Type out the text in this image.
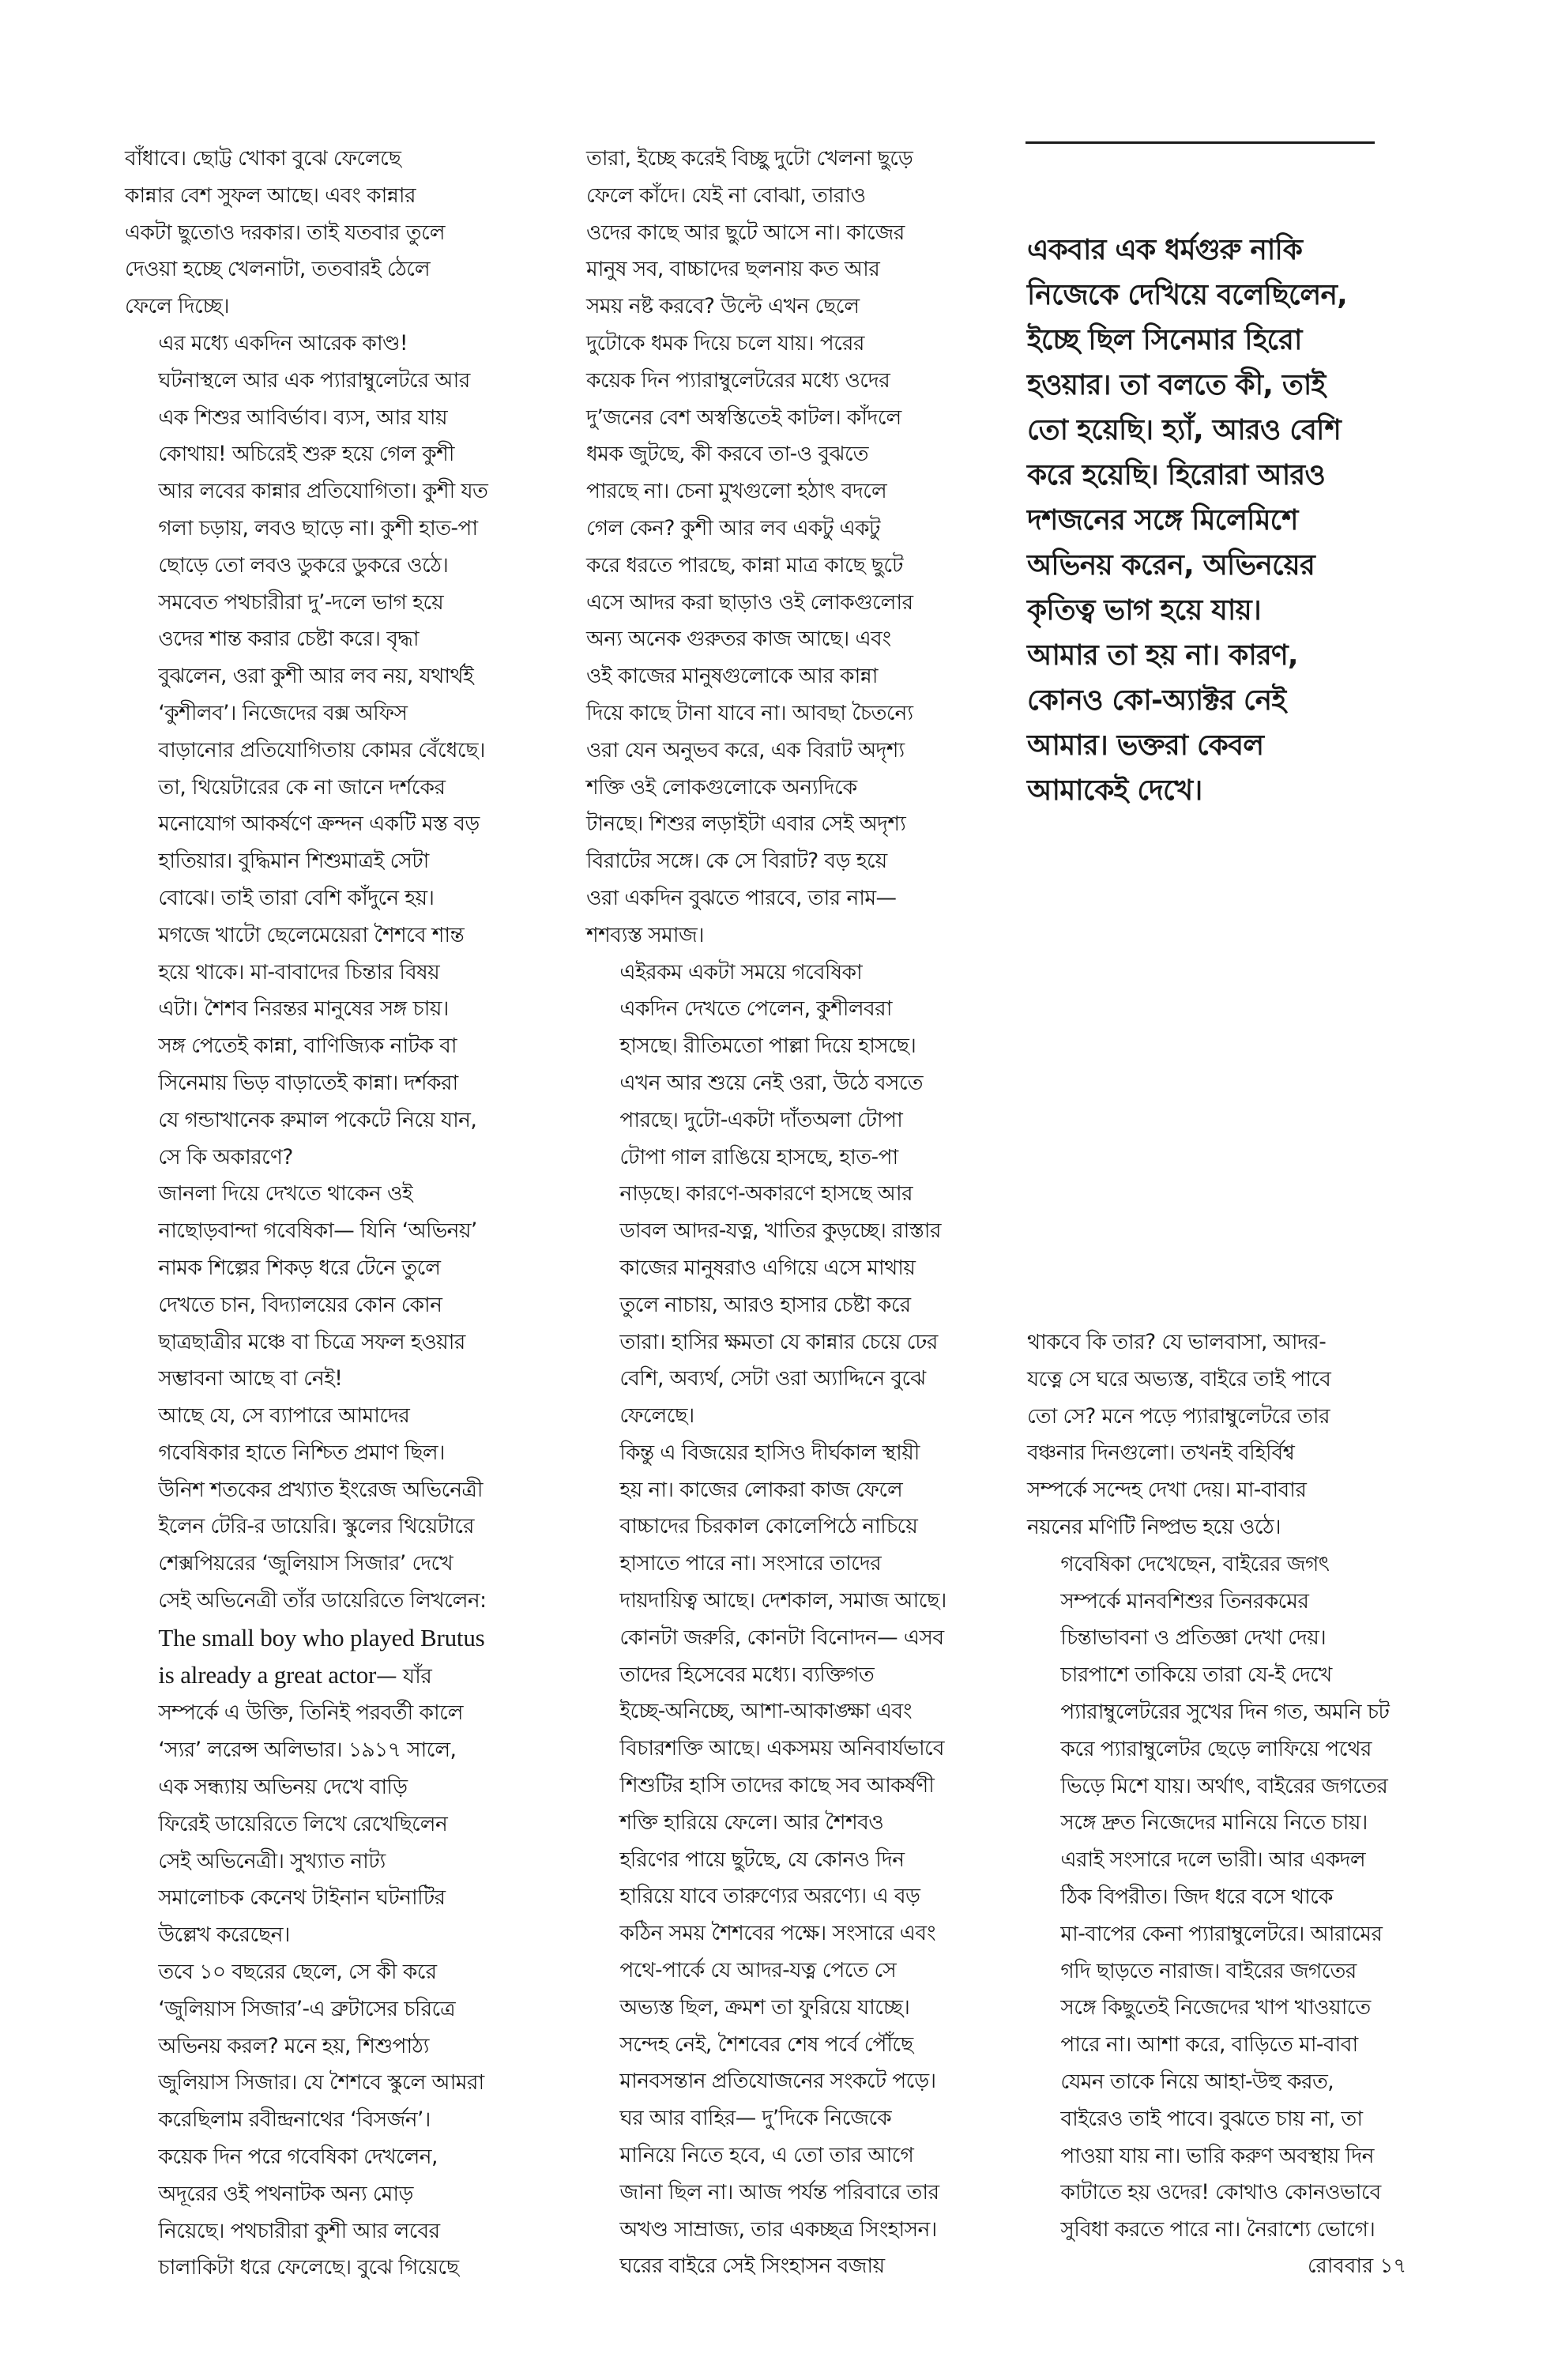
বাঁধাবে। ছোট্ট খোকা বুঝে ফেলেছে
কান্নার বেশ সুফল আছে। এবং কান্নার
একটা ছুতোও দরকার। তাই যতবার তুলে
দেওয়া হচ্ছে খেলনাটা, ততবারই ঠেলে
ফেলে দিচ্ছে।

এর মধ্যে একদিন আরেক কাণ্ড!
ঘটনাস্থলে আর এক প্যারাম্বুলেটরে আর
এক শিশুর আবির্ভাব। ব্যস, আর যায়
কোথায়! অচিরেই শুরু হয়ে গেল কুশী
আর লবের কান্নার প্রতিযোগিতা। কুশী যত
গলা চড়ায়, লবও ছাড়ে না। কুশী হাত-পা
ছোড়ে তো লবও ডুকরে ডুকরে ওঠে।
সমবেত পথচারীরা দু’-দলে ভাগ হয়ে
ওদের শান্ত করার চেষ্টা করে। বৃদ্ধা
বুঝলেন, ওরা কুশী আর লব নয়, যথার্থই
‘কুশীলব’। নিজেদের বক্স অফিস
বাড়ানোর প্রতিযোগিতায় কোমর বেঁধেছে।
তা, থিয়েটারের কে না জানে দর্শকের
মনোযোগ আকর্ষণে ক্রন্দন একটি মস্ত বড়
হাতিয়ার। বুদ্ধিমান শিশুমাত্রই সেটা
বোঝে। তাই তারা বেশি কাঁদুনে হয়।
মগজে খাটো ছেলেমেয়েরা শৈশবে শান্ত
হয়ে থাকে। মা-বাবাদের চিন্তার বিষয়
এটা। শৈশব নিরন্তর মানুষের সঙ্গ চায়।
সঙ্গ পেতেই কান্না, বাণিজ্যিক নাটক বা
সিনেমায় ভিড় বাড়াতেই কান্না। দর্শকরা
যে গন্ডাখানেক রুমাল পকেটে নিয়ে যান,
সে কি অকারণে?

জানলা দিয়ে দেখতে থাকেন ওই
নাছোড়বান্দা গবেষিকা— যিনি ‘অভিনয়’
নামক শিল্পের শিকড় ধরে টেনে তুলে
দেখতে চান, বিদ্যালয়ের কোন কোন
ছাত্রছাত্রীর মঞ্চে বা চিত্রে সফল হওয়ার
সম্ভাবনা আছে বা নেই!

আছে যে, সে ব্যাপারে আমাদের
গবেষিকার হাতে নিশ্চিত প্রমাণ ছিল।
উনিশ শতকের প্রখ্যাত ইংরেজ অভিনেত্রী
ইলেন টেরি-র ডায়েরি। স্কুলের থিয়েটারে
শেক্সপিয়রের ‘জুলিয়াস সিজার’ দেখে
সেই অভিনেত্রী তাঁর ডায়েরিতে লিখলেন:
The small boy who played Brutus
is already a great actor— যাঁর
সম্পর্কে এ উক্তি, তিনিই পরবর্তী কালে
‘স্যর’ লরেন্স অলিভার। ১৯১৭ সালে,
এক সন্ধ্যায় অভিনয় দেখে বাড়ি
ফিরেই ডায়েরিতে লিখে রেখেছিলেন
সেই অভিনেত্রী। সুখ্যাত নাট্য
সমালোচক কেনেথ টাইনান ঘটনাটির
উল্লেখ করেছেন।

তবে ১০ বছরের ছেলে, সে কী করে
‘জুলিয়াস সিজার’-এ ব্রুটাসের চরিত্রে
অভিনয় করল? মনে হয়, শিশুপাঠ্য
জুলিয়াস সিজার। যে শৈশবে স্কুলে আমরা
করেছিলাম রবীন্দ্রনাথের ‘বিসর্জন’।

কয়েক দিন পরে গবেষিকা দেখলেন,
অদূরের ওই পথনাটক অন্য মোড়
নিয়েছে। পথচারীরা কুশী আর লবের
চালাকিটা ধরে ফেলেছে। বুঝে গিয়েছে

তারা, ইচ্ছে করেই বিচ্ছু দুটো খেলনা ছুড়ে
ফেলে কাঁদে। যেই না বোঝা, তারাও
ওদের কাছে আর ছুটে আসে না। কাজের
মানুষ সব, বাচ্চাদের ছলনায় কত আর
সময় নষ্ট করবে? উল্টে এখন ছেলে
দুটোকে ধমক দিয়ে চলে যায়। পরের
কয়েক দিন প্যারাম্বুলেটরের মধ্যে ওদের
দু’জনের বেশ অস্বস্তিতেই কাটল। কাঁদলে
ধমক জুটছে, কী করবে তা-ও বুঝতে
পারছে না। চেনা মুখগুলো হঠাৎ বদলে
গেল কেন? কুশী আর লব একটু একটু
করে ধরতে পারছে, কান্না মাত্র কাছে ছুটে
এসে আদর করা ছাড়াও ওই লোকগুলোর
অন্য অনেক গুরুতর কাজ আছে। এবং
ওই কাজের মানুষগুলোকে আর কান্না
দিয়ে কাছে টানা যাবে না। আবছা চৈতন্যে
ওরা যেন অনুভব করে, এক বিরাট অদৃশ্য
শক্তি ওই লোকগুলোকে অন্যদিকে
টানছে। শিশুর লড়াইটা এবার সেই অদৃশ্য
বিরাটের সঙ্গে। কে সে বিরাট? বড় হয়ে
ওরা একদিন বুঝতে পারবে, তার নাম—
শশব্যস্ত সমাজ।

এইরকম একটা সময়ে গবেষিকা
একদিন দেখতে পেলেন, কুশীলবরা
হাসছে। রীতিমতো পাল্লা দিয়ে হাসছে।
এখন আর শুয়ে নেই ওরা, উঠে বসতে
পারছে। দুটো-একটা দাঁতঅলা টোপা
টোপা গাল রাঙিয়ে হাসছে, হাত-পা
নাড়ছে। কারণে-অকারণে হাসছে আর
ডাবল আদর-যত্ন, খাতির কুড়চ্ছে। রাস্তার
কাজের মানুষরাও এগিয়ে এসে মাথায়
তুলে নাচায়, আরও হাসার চেষ্টা করে
তারা। হাসির ক্ষমতা যে কান্নার চেয়ে ঢের
বেশি, অব্যর্থ, সেটা ওরা অ্যাদ্দিনে বুঝে
ফেলেছে।

কিন্তু এ বিজয়ের হাসিও দীর্ঘকাল স্থায়ী
হয় না। কাজের লোকরা কাজ ফেলে
বাচ্চাদের চিরকাল কোলেপিঠে নাচিয়ে
হাসাতে পারে না। সংসারে তাদের
দায়দায়িত্ব আছে। দেশকাল, সমাজ আছে।
কোনটা জরুরি, কোনটা বিনোদন— এসব
তাদের হিসেবের মধ্যে। ব্যক্তিগত
ইচ্ছে-অনিচ্ছে, আশা-আকাঙ্ক্ষা এবং
বিচারশক্তি আছে। একসময় অনিবার্যভাবে
শিশুটির হাসি তাদের কাছে সব আকর্ষণী
শক্তি হারিয়ে ফেলে। আর শৈশবও
হরিণের পায়ে ছুটছে, যে কোনও দিন
হারিয়ে যাবে তারুণ্যের অরণ্যে। এ বড়
কঠিন সময় শৈশবের পক্ষে। সংসারে এবং
পথে-পার্কে যে আদর-যত্ন পেতে সে
অভ্যস্ত ছিল, ক্রমশ তা ফুরিয়ে যাচ্ছে।
সন্দেহ নেই, শৈশবের শেষ পর্বে পৌঁছে
মানবসন্তান প্রতিযোজনের সংকটে পড়ে।
ঘর আর বাহির— দু’দিকে নিজেকে
মানিয়ে নিতে হবে, এ তো তার আগে
জানা ছিল না। আজ পর্যন্ত পরিবারে তার
অখণ্ড সাম্রাজ্য, তার একচ্ছত্র সিংহাসন।
ঘরের বাইরে সেই সিংহাসন বজায়

একবার এক ধর্মগুরু নাকি
নিজেকে দেখিয়ে বলেছিলেন,
ইচ্ছে ছিল সিনেমার হিরো
হওয়ার। তা বলতে কী, তাই
তো হয়েছি। হ্যাঁ, আরও বেশি
করে হয়েছি। হিরোরা আরও
দশজনের সঙ্গে মিলেমিশে
অভিনয় করেন, অভিনয়ের
কৃতিত্ব ভাগ হয়ে যায়।
আমার তা হয় না। কারণ,
কোনও কো-অ্যাক্টর নেই
আমার। ভক্তরা কেবল
আমাকেই দেখে।

থাকবে কি তার? যে ভালবাসা, আদর-
যত্নে সে ঘরে অভ্যস্ত, বাইরে তাই পাবে
তো সে? মনে পড়ে প্যারাম্বুলেটরে তার
বঞ্চনার দিনগুলো। তখনই বহির্বিশ্ব
সম্পর্কে সন্দেহ দেখা দেয়। মা-বাবার
নয়নের মণিটি নিষ্প্রভ হয়ে ওঠে।

গবেষিকা দেখেছেন, বাইরের জগৎ
সম্পর্কে মানবশিশুর তিনরকমের
চিন্তাভাবনা ও প্রতিজ্ঞা দেখা দেয়।
চারপাশে তাকিয়ে তারা যে-ই দেখে
প্যারাম্বুলেটরের সুখের দিন গত, অমনি চট
করে প্যারাম্বুলেটর ছেড়ে লাফিয়ে পথের
ভিড়ে মিশে যায়। অর্থাৎ, বাইরের জগতের
সঙ্গে দ্রুত নিজেদের মানিয়ে নিতে চায়।
এরাই সংসারে দলে ভারী। আর একদল
ঠিক বিপরীত। জিদ ধরে বসে থাকে
মা-বাপের কেনা প্যারাম্বুলেটরে। আরামের
গদি ছাড়তে নারাজ। বাইরের জগতের
সঙ্গে কিছুতেই নিজেদের খাপ খাওয়াতে
পারে না। আশা করে, বাড়িতে মা-বাবা
যেমন তাকে নিয়ে আহা-উহু করত,
বাইরেও তাই পাবে। বুঝতে চায় না, তা
পাওয়া যায় না। ভারি করুণ অবস্থায় দিন
কাটাতে হয় ওদের! কোথাও কোনওভাবে
সুবিধা করতে পারে না। নৈরাশ্যে ভোগে।

রোববার ১৭
